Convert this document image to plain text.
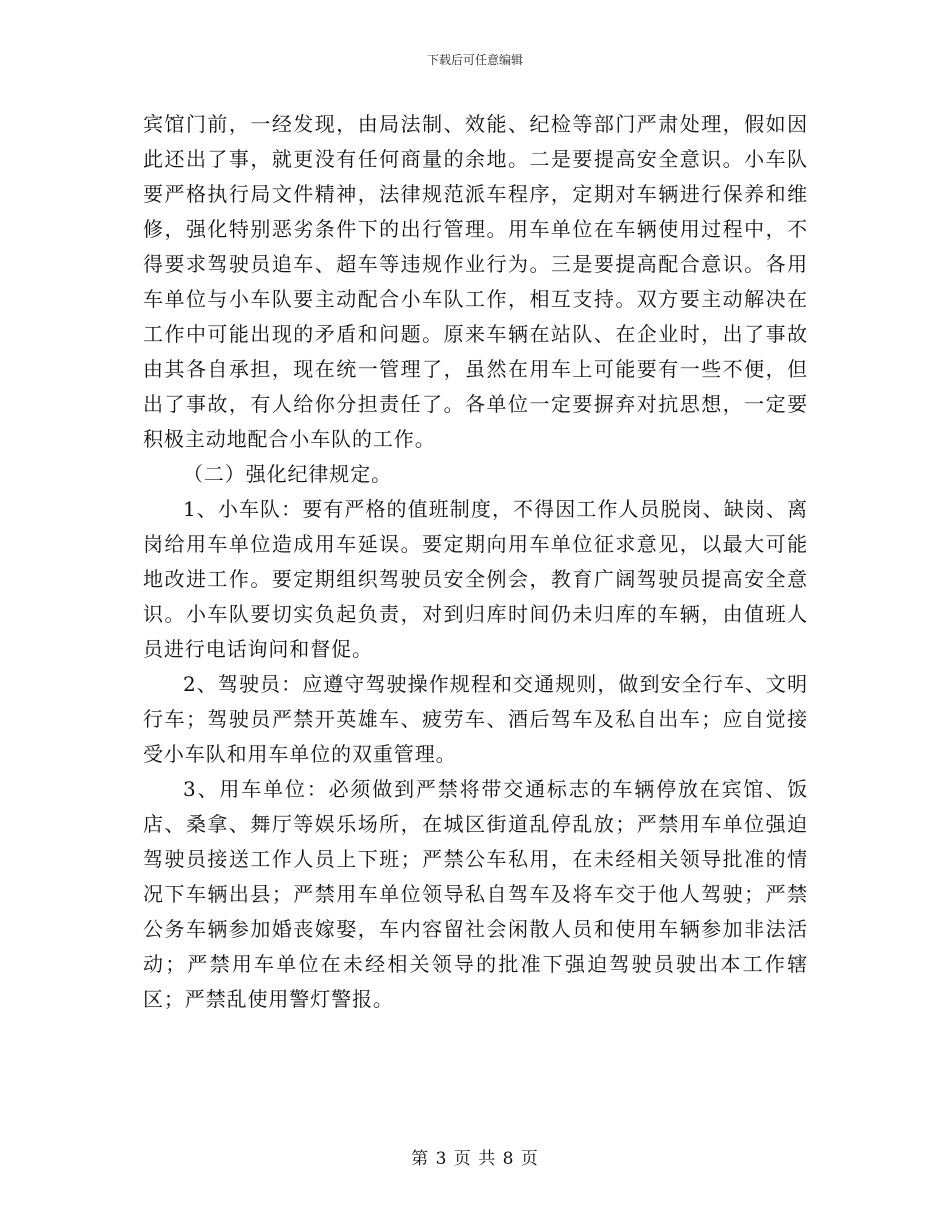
下载后可任意编辑

宾馆门前，一经发现，由局法制、效能、纪检等部门严肃处理，假如因此还出了事，就更没有任何商量的余地。二是要提高安全意识。小车队要严格执行局文件精神，法律规范派车程序，定期对车辆进行保养和维修，强化特别恶劣条件下的出行管理。用车单位在车辆使用过程中，不得要求驾驶员追车、超车等违规作业行为。三是要提高配合意识。各用车单位与小车队要主动配合小车队工作，相互支持。双方要主动解决在工作中可能出现的矛盾和问题。原来车辆在站队、在企业时，出了事故由其各自承担，现在统一管理了，虽然在用车上可能要有一些不便，但出了事故，有人给你分担责任了。各单位一定要摒弃对抗思想，一定要积极主动地配合小车队的工作。

（二）强化纪律规定。

1、小车队：要有严格的值班制度，不得因工作人员脱岗、缺岗、离岗给用车单位造成用车延误。要定期向用车单位征求意见，以最大可能地改进工作。要定期组织驾驶员安全例会，教育广阔驾驶员提高安全意识。小车队要切实负起负责，对到归库时间仍未归库的车辆，由值班人员进行电话询问和督促。

2、驾驶员：应遵守驾驶操作规程和交通规则，做到安全行车、文明行车；驾驶员严禁开英雄车、疲劳车、酒后驾车及私自出车；应自觉接受小车队和用车单位的双重管理。

3、用车单位：必须做到严禁将带交通标志的车辆停放在宾馆、饭店、桑拿、舞厅等娱乐场所，在城区街道乱停乱放；严禁用车单位强迫驾驶员接送工作人员上下班；严禁公车私用，在未经相关领导批准的情况下车辆出县；严禁用车单位领导私自驾车及将车交于他人驾驶；严禁公务车辆参加婚丧嫁娶，车内容留社会闲散人员和使用车辆参加非法活动；严禁用车单位在未经相关领导的批准下强迫驾驶员驶出本工作辖区；严禁乱使用警灯警报。

第 3 页 共 8 页
